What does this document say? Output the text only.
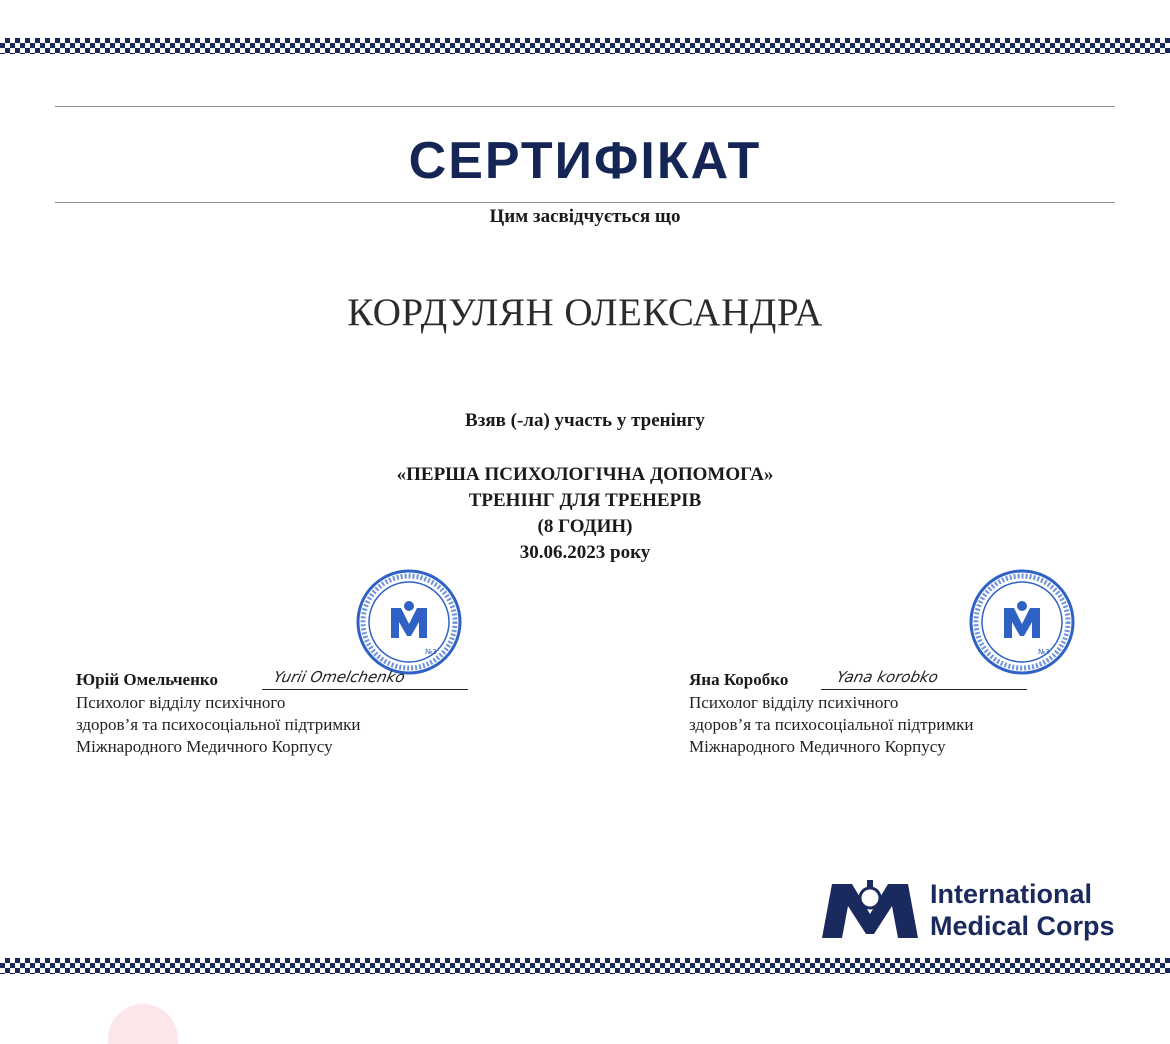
СЕРТИФІКАТ
Цим засвідчується що
КОРДУЛЯН ОЛЕКСАНДРА
Взяв (-ла) участь у тренінгу
«ПЕРША ПСИХОЛОГІЧНА ДОПОМОГА»
ТРЕНІНГ ДЛЯ ТРЕНЕРІВ
(8 ГОДИН)
30.06.2023 року
№3	№3
Юрій Омельченко	Yurii Omelchenko
Психолог відділу психічного
здоров’я та психосоціальної підтримки
Міжнародного Медичного Корпусу
Яна Коробко	Yana korobko
Психолог відділу психічного
здоров’я та психосоціальної підтримки
Міжнародного Медичного Корпусу
International
Medical Corps
